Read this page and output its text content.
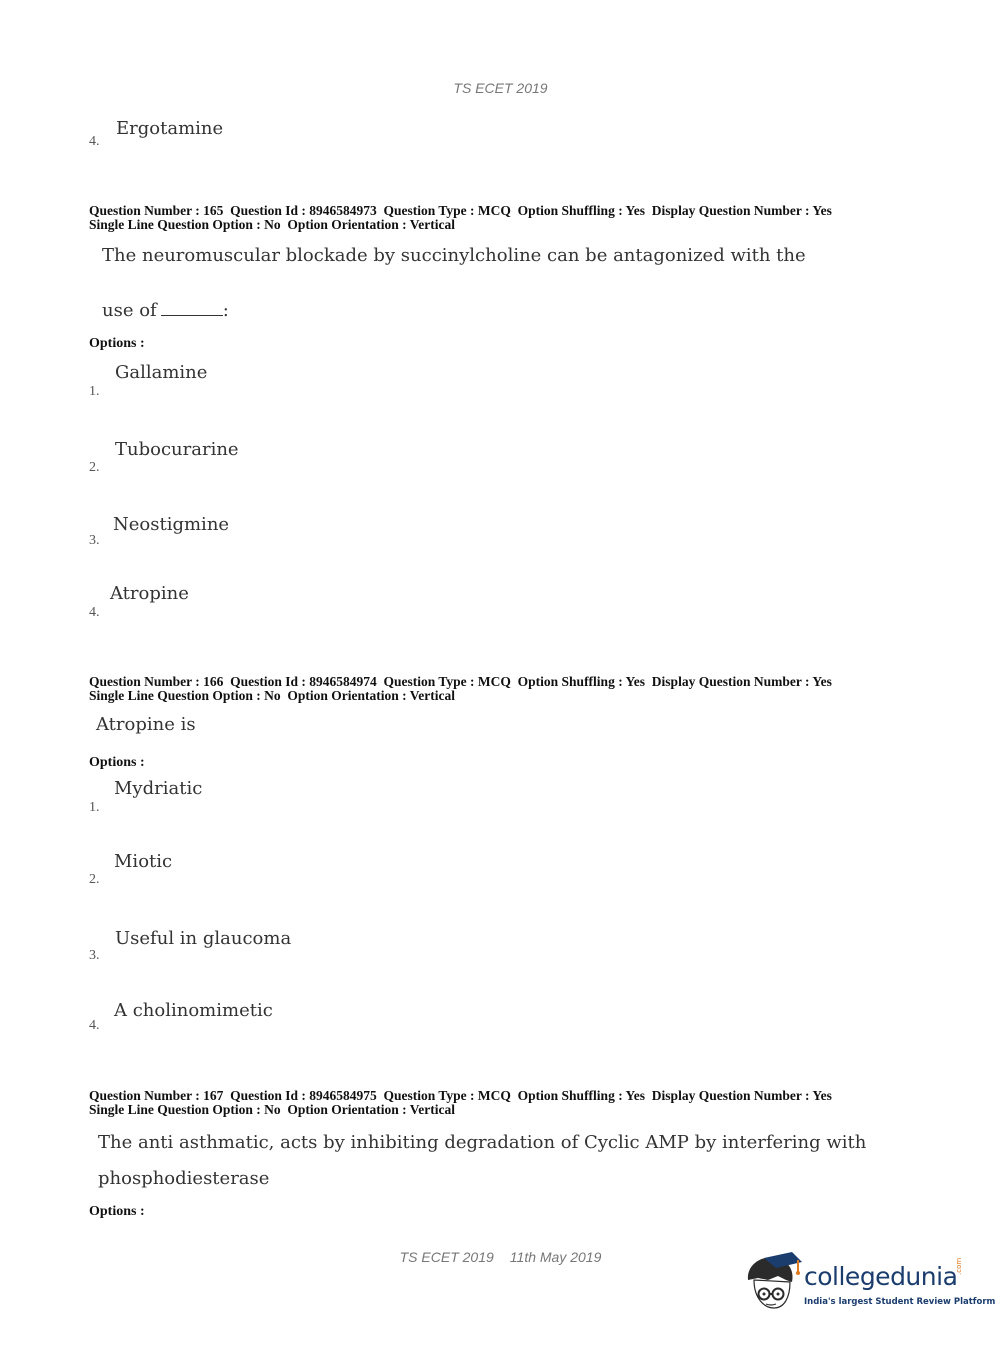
TS ECET 2019
Ergotamine
4.
Question Number : 165  Question Id : 8946584973  Question Type : MCQ  Option Shuffling : Yes  Display Question Number : Yes
Single Line Question Option : No  Option Orientation : Vertical
The neuromuscular blockade by succinylcholine can be antagonized with the
use of	:
Options :
Gallamine
1.
Tubocurarine
2.
Neostigmine
3.
Atropine
4.
Question Number : 166  Question Id : 8946584974  Question Type : MCQ  Option Shuffling : Yes  Display Question Number : Yes
Single Line Question Option : No  Option Orientation : Vertical
Atropine is
Options :
Mydriatic
1.
Miotic
2.
Useful in glaucoma
3.
A cholinomimetic
4.
Question Number : 167  Question Id : 8946584975  Question Type : MCQ  Option Shuffling : Yes  Display Question Number : Yes
Single Line Question Option : No  Option Orientation : Vertical
The anti asthmatic, acts by inhibiting degradation of Cyclic AMP by interfering with
phosphodiesterase
Options :
TS ECET 2019 11th May 2019
collegedunia
.com
India's largest Student Review Platform
